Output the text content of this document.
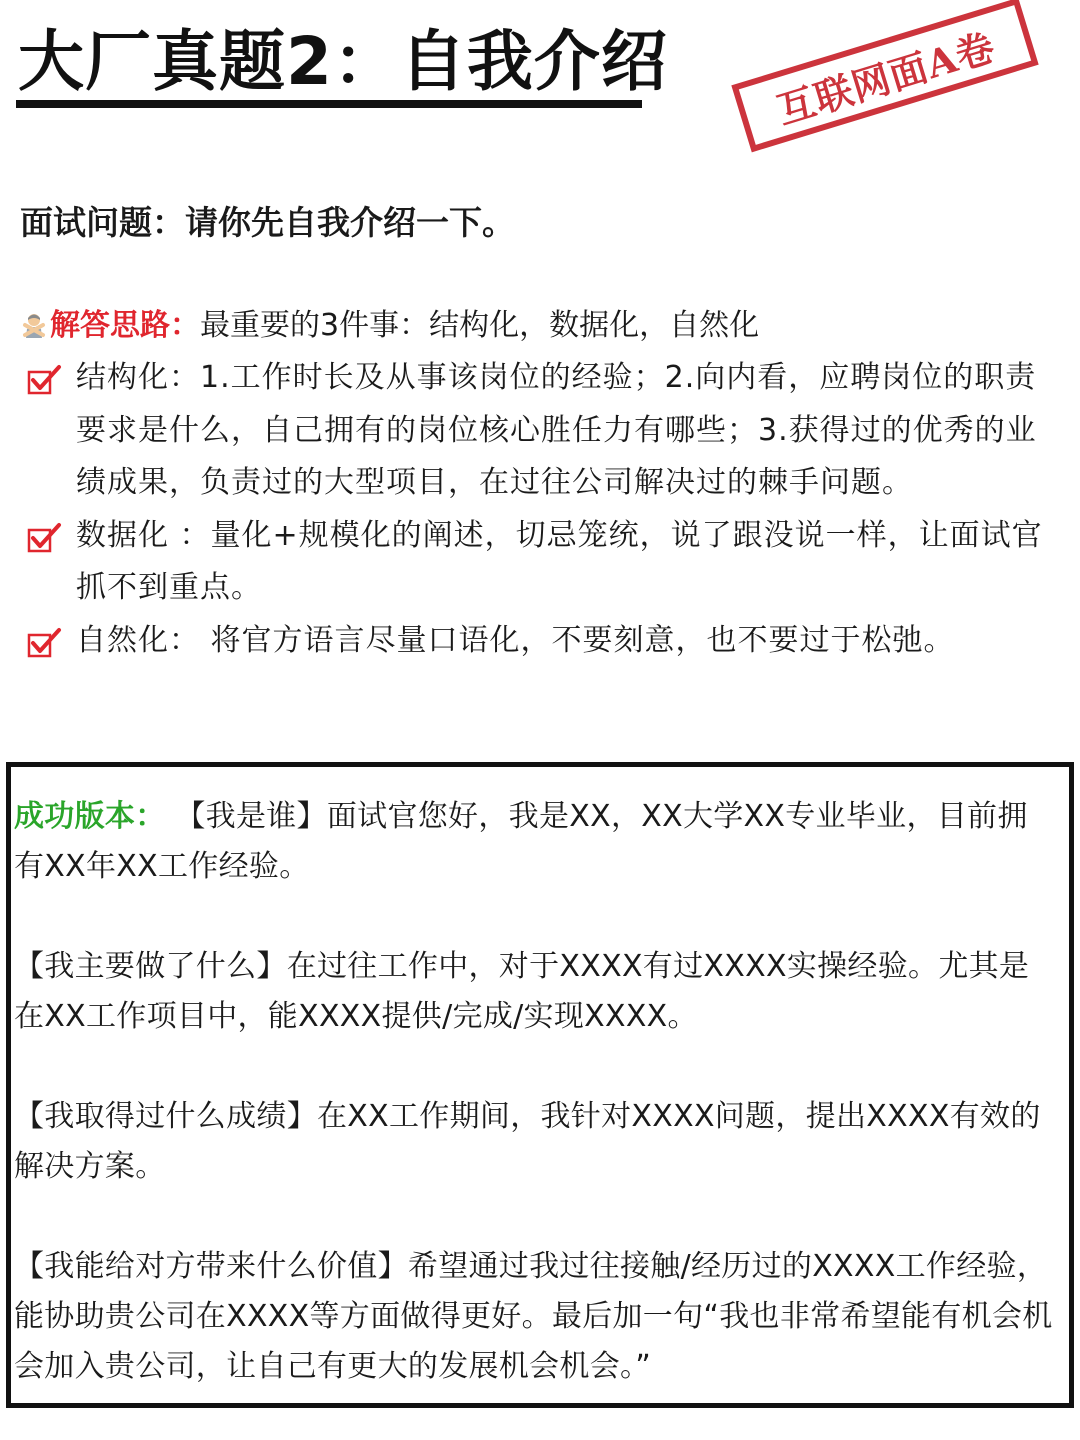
大厂真题2：自我介绍	互联网面A卷
面试问题：请你先自我介绍一下。
解答思路：最重要的3件事：结构化，数据化，自然化
结构化：1.工作时长及从事该岗位的经验；2.向内看，应聘岗位的职责要求是什么，自己拥有的岗位核心胜任力有哪些；3.获得过的优秀的业绩成果，负责过的大型项目，在过往公司解决过的棘手问题。
数据化 ：量化+规模化的阐述，切忌笼统，说了跟没说一样，让面试官抓不到重点。
自然化： 将官方语言尽量口语化，不要刻意，也不要过于松弛。

成功版本： 【我是谁】面试官您好，我是XX，XX大学XX专业毕业，目前拥有XX年XX工作经验。

【我主要做了什么】在过往工作中，对于XXXX有过XXXX实操经验。尤其是在XX工作项目中，能XXXX提供/完成/实现XXXX。

【我取得过什么成绩】在XX工作期间，我针对XXXX问题，提出XXXX有效的解决方案。

【我能给对方带来什么价值】希望通过我过往接触/经历过的XXXX工作经验，能协助贵公司在XXXX等方面做得更好。最后加一句“我也非常希望能有机会机会加入贵公司，让自己有更大的发展机会机会。”
